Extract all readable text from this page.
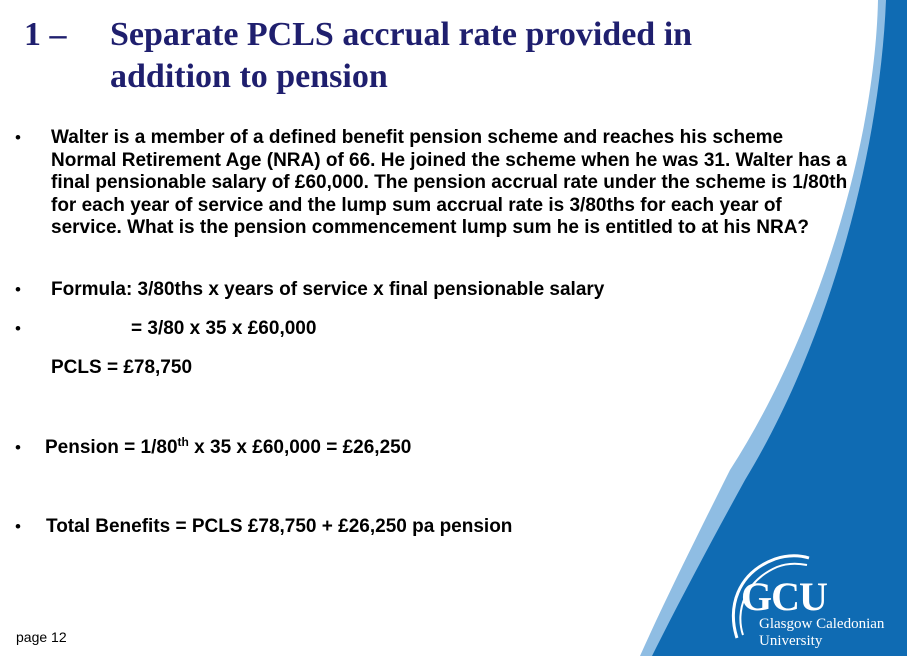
1 – Separate PCLS accrual rate provided in addition to pension
• Walter is a member of a defined benefit pension scheme and reaches his scheme Normal Retirement Age (NRA) of 66. He joined the scheme when he was 31. Walter has a final pensionable salary of £60,000. The pension accrual rate under the scheme is 1/80th for each year of service and the lump sum accrual rate is 3/80ths for each year of service. What is the pension commencement lump sum he is entitled to at his NRA?
• Formula: 3/80ths x years of service x final pensionable salary
•	= 3/80 x 35 x £60,000
PCLS = £78,750
• Pension = 1/80th x 35 x £60,000 = £26,250
• Total Benefits = PCLS £78,750 + £26,250 pa pension
page 12
GCU
Glasgow Caledonian
University
